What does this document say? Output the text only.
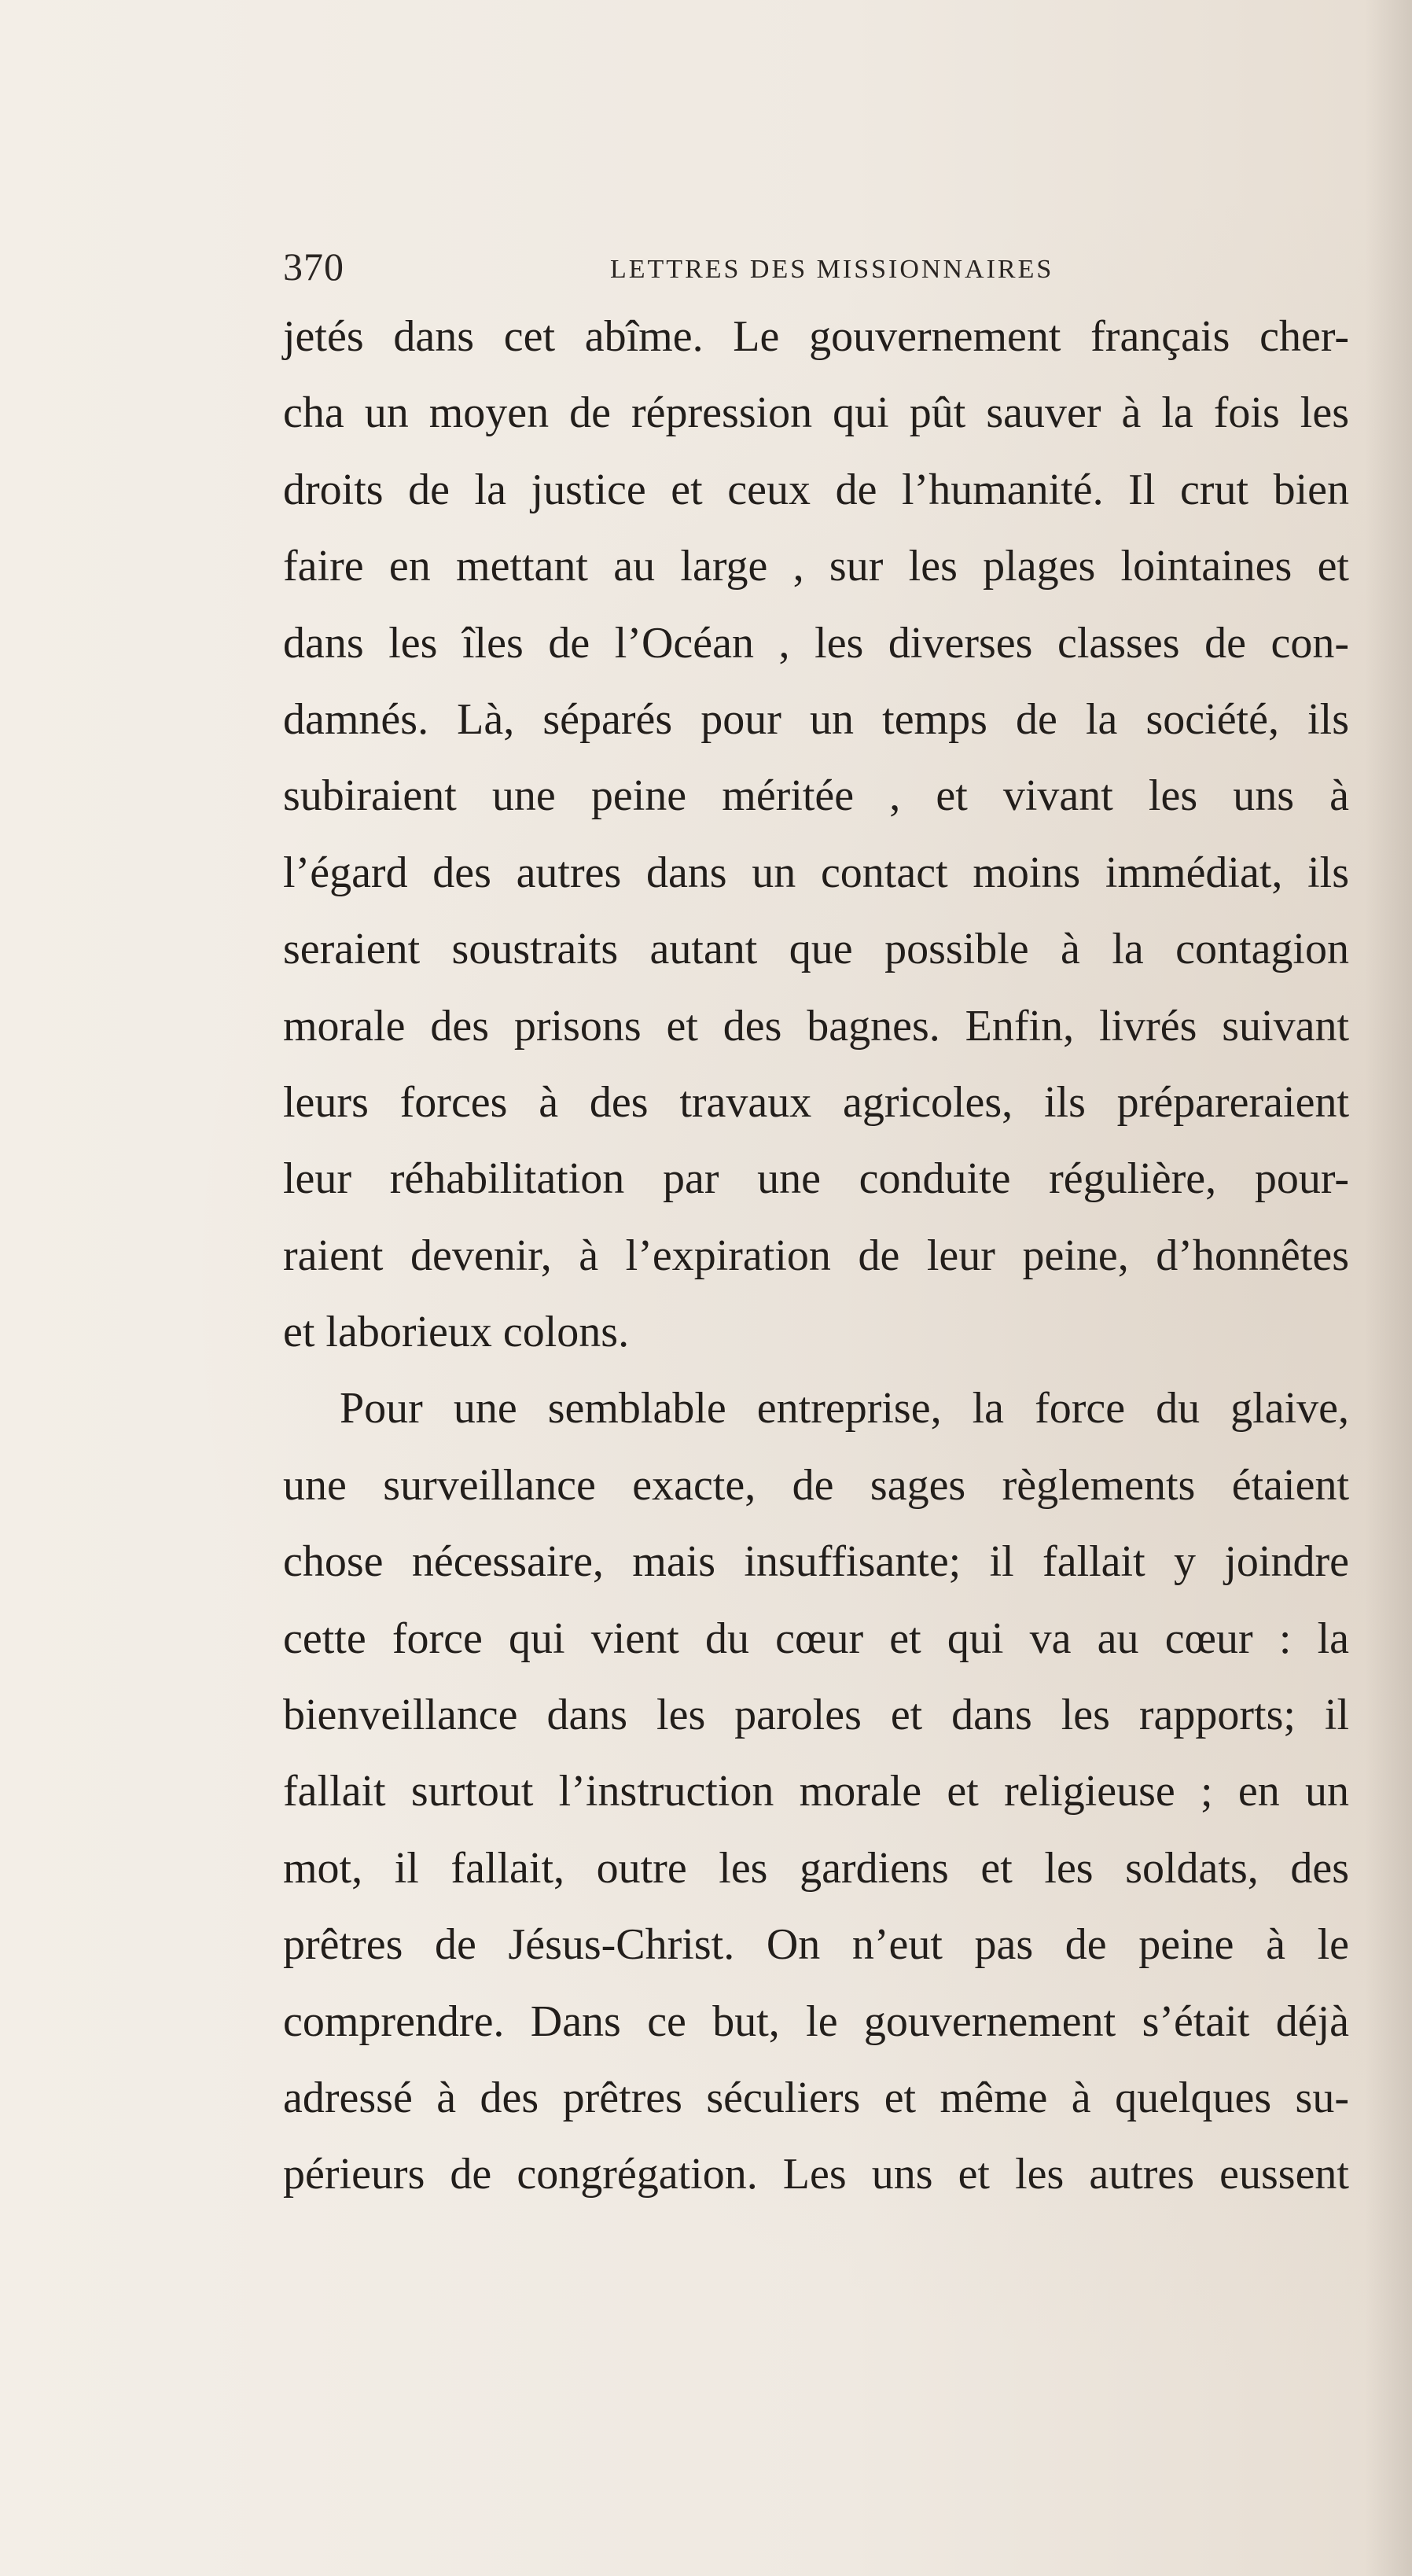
370	LETTRES DES MISSIONNAIRES
jetés dans cet abîme. Le gouvernement français cher-
cha un moyen de répression qui pût sauver à la fois les
droits de la justice et ceux de l’humanité. Il crut bien
faire en mettant au large , sur les plages lointaines et
dans les îles de l’Océan , les diverses classes de con-
damnés. Là, séparés pour un temps de la société, ils
subiraient une peine méritée , et vivant les uns à
l’égard des autres dans un contact moins immédiat, ils
seraient soustraits autant que possible à la contagion
morale des prisons et des bagnes. Enfin, livrés suivant
leurs forces à des travaux agricoles, ils prépareraient
leur réhabilitation par une conduite régulière, pour-
raient devenir, à l’expiration de leur peine, d’honnêtes
et laborieux colons.
Pour une semblable entreprise, la force du glaive,
une surveillance exacte, de sages règlements étaient
chose nécessaire, mais insuffisante; il fallait y joindre
cette force qui vient du cœur et qui va au cœur : la
bienveillance dans les paroles et dans les rapports; il
fallait surtout l’instruction morale et religieuse ; en un
mot, il fallait, outre les gardiens et les soldats, des
prêtres de Jésus-Christ. On n’eut pas de peine à le
comprendre. Dans ce but, le gouvernement s’était déjà
adressé à des prêtres séculiers et même à quelques su-
périeurs de congrégation. Les uns et les autres eussent
